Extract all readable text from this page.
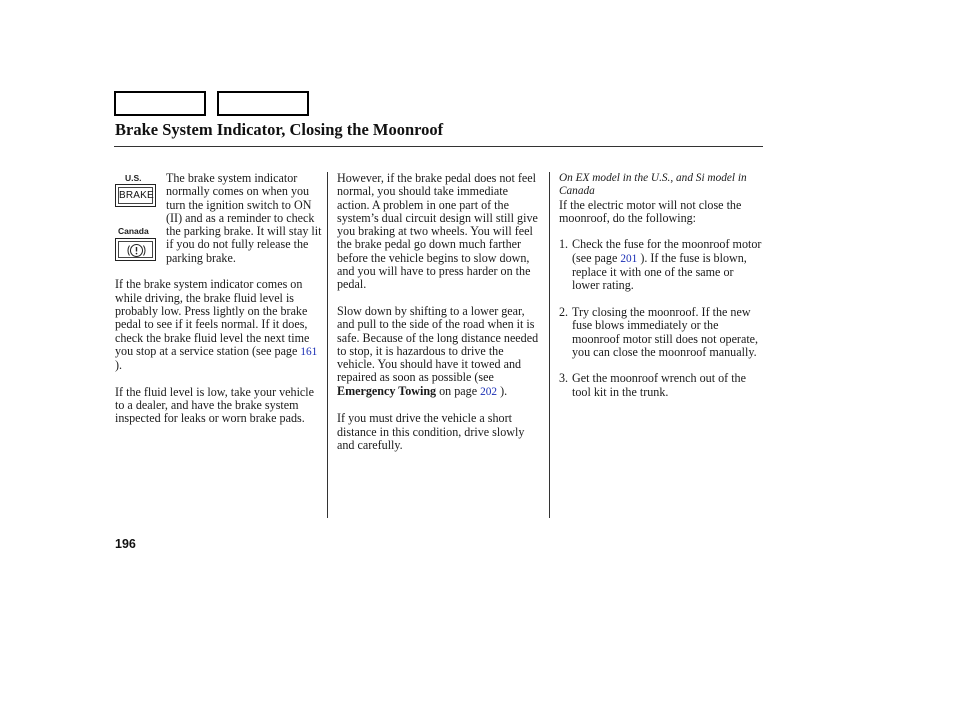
Brake System Indicator, Closing the Moonroof
U.S.
BRAKE
Canada

The brake system indicator normally comes on when you turn the ignition switch to ON (II) and as a reminder to check the parking brake. It will stay lit if you do not fully release the parking brake.

If the brake system indicator comes on while driving, the brake fluid level is probably low. Press lightly on the brake pedal to see if it feels normal. If it does, check the brake fluid level the next time you stop at a service station (see page 161 ).

If the fluid level is low, take your vehicle to a dealer, and have the brake system inspected for leaks or worn brake pads.

However, if the brake pedal does not feel normal, you should take immediate action. A problem in one part of the system’s dual circuit design will still give you braking at two wheels. You will feel the brake pedal go down much farther before the vehicle begins to slow down, and you will have to press harder on the pedal.

Slow down by shifting to a lower gear, and pull to the side of the road when it is safe. Because of the long distance needed to stop, it is hazardous to drive the vehicle. You should have it towed and repaired as soon as possible (see Emergency Towing on page 202 ).

If you must drive the vehicle a short distance in this condition, drive slowly and carefully.

On EX model in the U.S., and Si model in Canada

If the electric motor will not close the moonroof, do the following:

1. Check the fuse for the moonroof motor (see page 201 ). If the fuse is blown, replace it with one of the same or lower rating.
2. Try closing the moonroof. If the new fuse blows immediately or the moonroof motor still does not operate, you can close the moonroof manually.
3. Get the moonroof wrench out of the tool kit in the trunk.
196
